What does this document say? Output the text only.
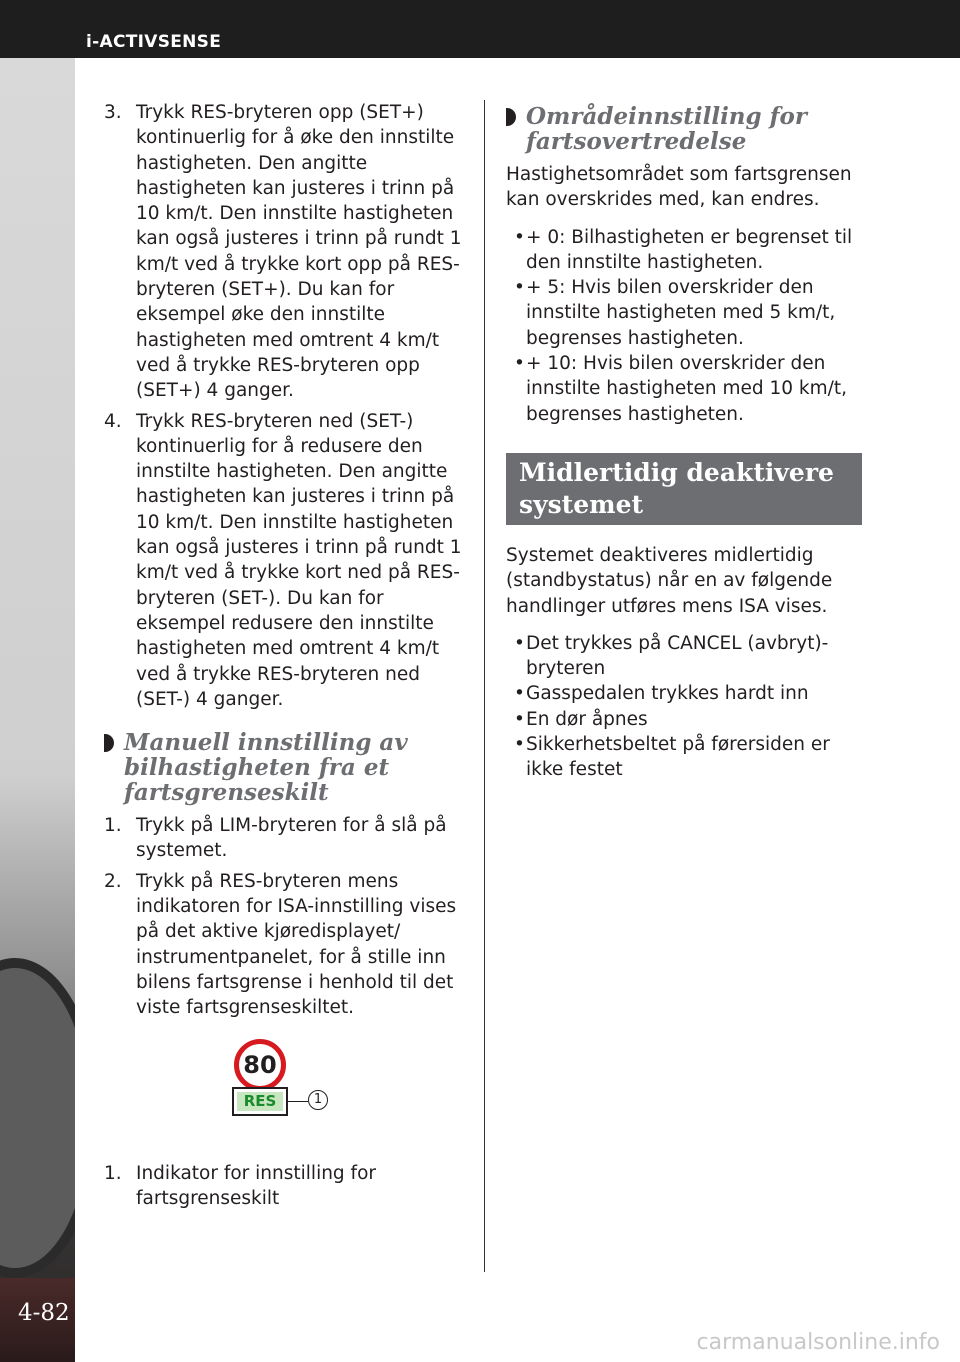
i-ACTIVSENSE
4-82
3. Trykk RES-bryteren opp (SET+) kontinuerlig for å øke den innstilte hastigheten. Den angitte hastigheten kan justeres i trinn på 10 km/t. Den innstilte hastigheten kan også justeres i trinn på rundt 1 km/t ved å trykke kort opp på RES-bryteren (SET+). Du kan for eksempel øke den innstilte hastigheten med omtrent 4 km/t ved å trykke RES-bryteren opp (SET+) 4 ganger.
4. Trykk RES-bryteren ned (SET-) kontinuerlig for å redusere den innstilte hastigheten. Den angitte hastigheten kan justeres i trinn på 10 km/t. Den innstilte hastigheten kan også justeres i trinn på rundt 1 km/t ved å trykke kort ned på RES-bryteren (SET-). Du kan for eksempel redusere den innstilte hastigheten med omtrent 4 km/t ved å trykke RES-bryteren ned (SET-) 4 ganger.
Manuell innstilling av bilhastigheten fra et fartsgrenseskilt
1. Trykk på LIM-bryteren for å slå på systemet.
2. Trykk på RES-bryteren mens indikatoren for ISA-innstilling vises på det aktive kjøredisplayet/ instrumentpanelet, for å stille inn bilens fartsgrense i henhold til det viste fartsgrenseskiltet.
80
RES	1
1. Indikator for innstilling for fartsgrenseskilt
Områdeinnstilling for fartsovertredelse

Hastighetsområdet som fartsgrensen kan overskrides med, kan endres.

• + 0: Bilhastigheten er begrenset til den innstilte hastigheten.
• + 5: Hvis bilen overskrider den innstilte hastigheten med 5 km/t, begrenses hastigheten.
• + 10: Hvis bilen overskrider den innstilte hastigheten med 10 km/t, begrenses hastigheten.
Midlertidig deaktivere systemet

Systemet deaktiveres midlertidig (standbystatus) når en av følgende handlinger utføres mens ISA vises.

• Det trykkes på CANCEL (avbryt)-bryteren
• Gasspedalen trykkes hardt inn
• En dør åpnes
• Sikkerhetsbeltet på førersiden er ikke festet
carmanualsonline.info
